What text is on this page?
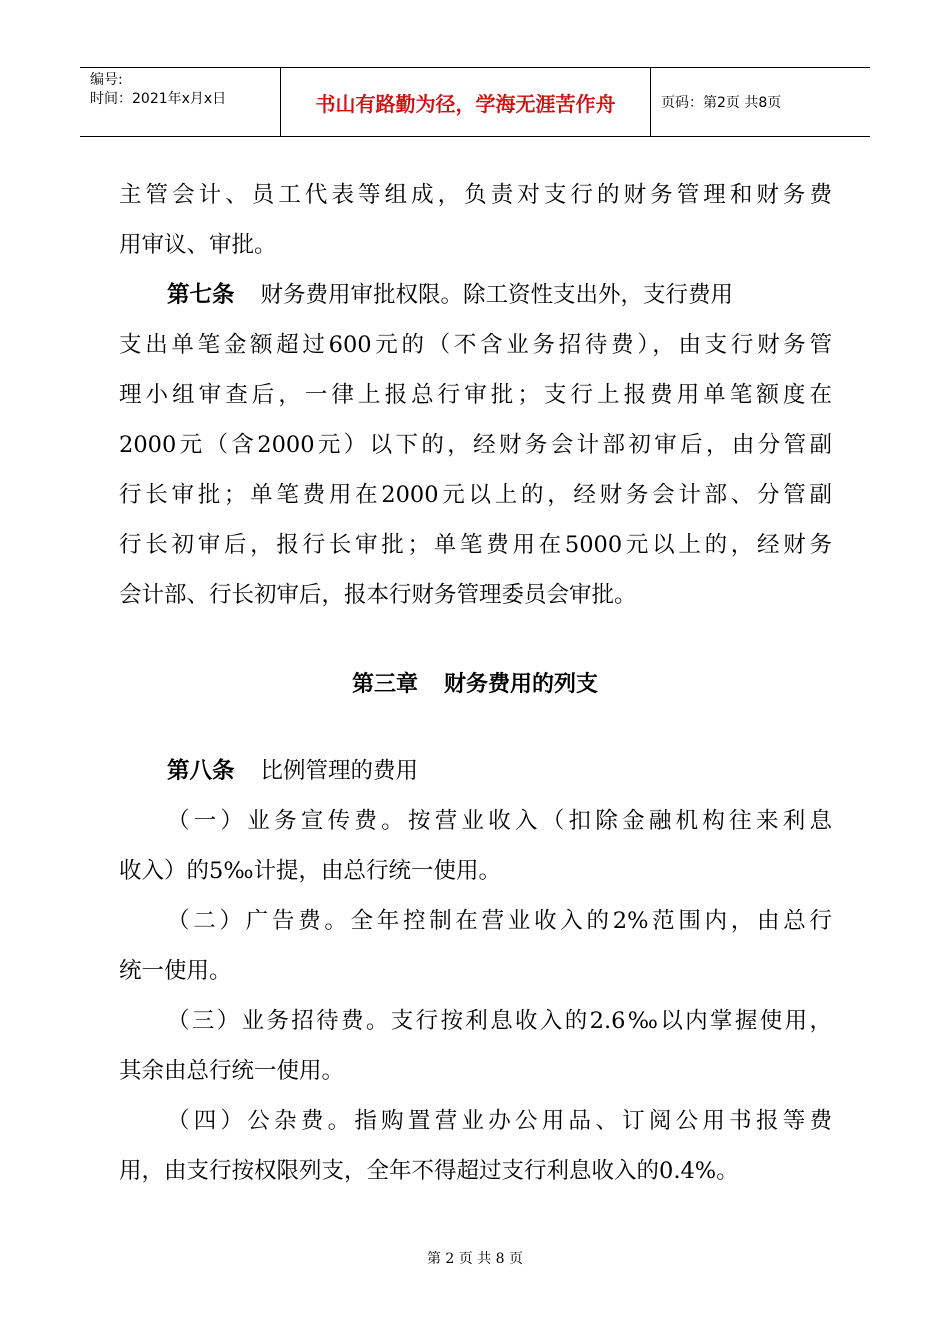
编号:
时间：2021年x月x日	书山有路勤为径，学海无涯苦作舟	页码：第2页 共8页
主管会计、员工代表等组成，负责对支行的财务管理和财务费
用审议、审批。
第七条 财务费用审批权限。除工资性支出外，支行费用
支出单笔金额超过600元的（不含业务招待费），由支行财务管
理小组审查后，一律上报总行审批；支行上报费用单笔额度在
2000元（含2000元）以下的，经财务会计部初审后，由分管副
行长审批；单笔费用在2000元以上的，经财务会计部、分管副
行长初审后，报行长审批；单笔费用在5000元以上的，经财务
会计部、行长初审后，报本行财务管理委员会审批。
第三章 财务费用的列支
第八条 比例管理的费用
（一）业务宣传费。按营业收入（扣除金融机构往来利息
收入）的5‰计提，由总行统一使用。
（二）广告费。全年控制在营业收入的2%范围内，由总行
统一使用。
（三）业务招待费。支行按利息收入的2.6‰以内掌握使用，
其余由总行统一使用。
（四）公杂费。指购置营业办公用品、订阅公用书报等费
用，由支行按权限列支，全年不得超过支行利息收入的0.4%。
第 2 页 共 8 页
